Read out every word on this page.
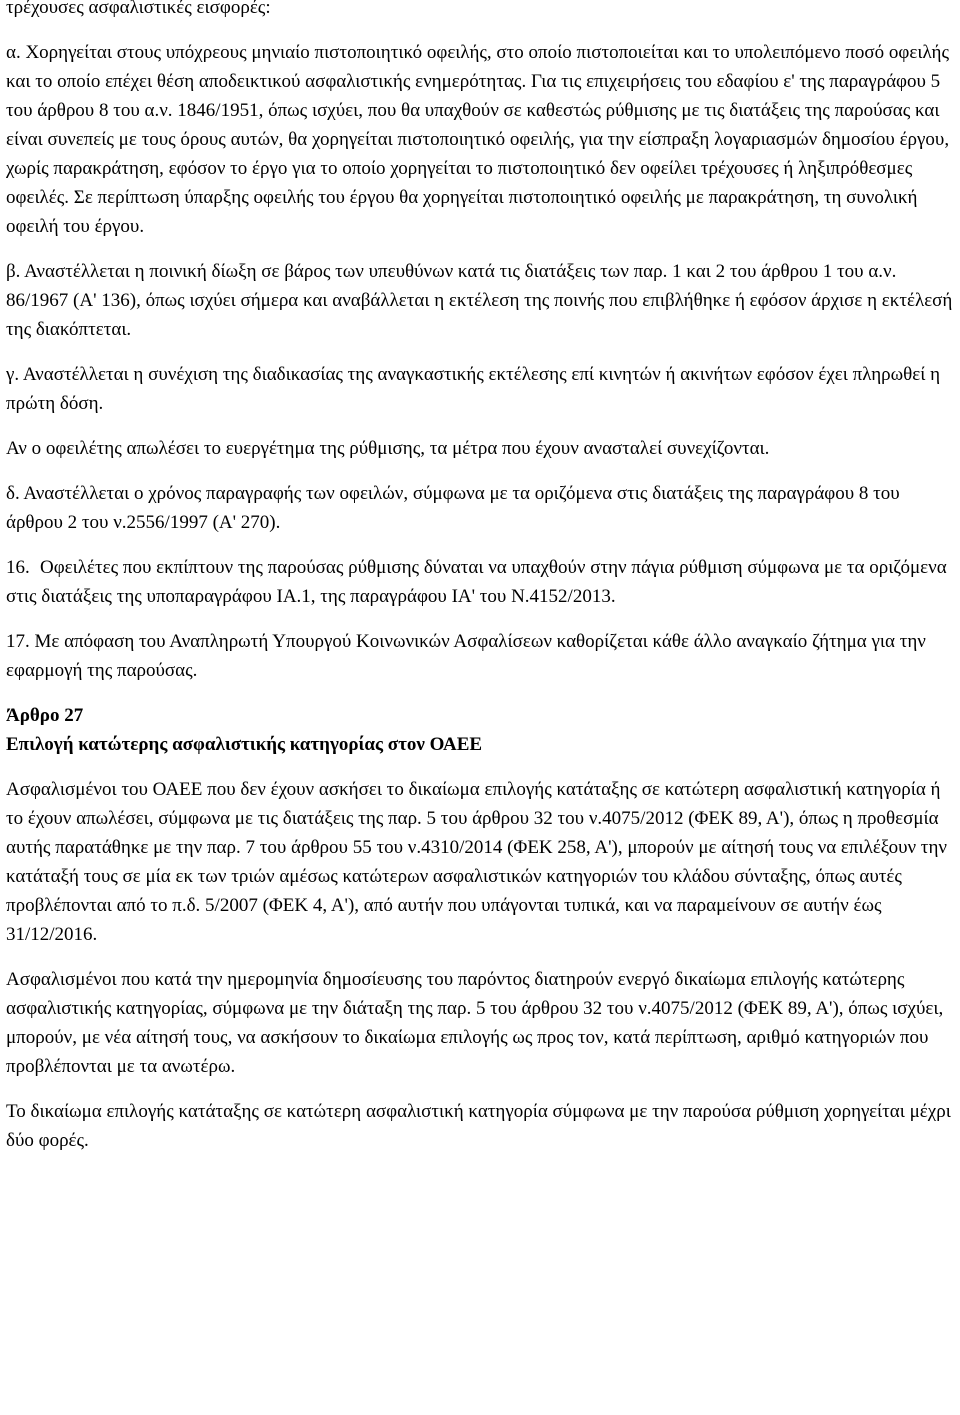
τρέχουσες ασφαλιστικές εισφορές:

α. Χορηγείται στους υπόχρεους μηνιαίο πιστοποιητικό οφειλής, στο οποίο πιστοποιείται και το υπολειπόμενο ποσό οφειλής και το οποίο επέχει θέση αποδεικτικού ασφαλιστικής ενημερότητας. Για τις επιχειρήσεις του εδαφίου ε' της παραγράφου 5 του άρθρου 8 του α.ν. 1846/1951, όπως ισχύει, που θα υπαχθούν σε καθεστώς ρύθμισης με τις διατάξεις της παρούσας και είναι συνεπείς με τους όρους αυτών, θα χορηγείται πιστοποιητικό οφειλής, για την είσπραξη λογαριασμών δημοσίου έργου, χωρίς παρακράτηση, εφόσον το έργο για το οποίο χορηγείται το πιστοποιητικό δεν οφείλει τρέχουσες ή ληξιπρόθεσμες οφειλές. Σε περίπτωση ύπαρξης οφειλής του έργου θα χορηγείται πιστοποιητικό οφειλής με παρακράτηση, τη συνολική οφειλή του έργου.

β. Αναστέλλεται η ποινική δίωξη σε βάρος των υπευθύνων κατά τις διατάξεις των παρ. 1 και 2 του άρθρου 1 του α.ν. 86/1967 (Α' 136), όπως ισχύει σήμερα και αναβάλλεται η εκτέλεση της ποινής που επιβλήθηκε ή εφόσον άρχισε η εκτέλεσή της διακόπτεται.

γ. Αναστέλλεται η συνέχιση της διαδικασίας της αναγκαστικής εκτέλεσης επί κινητών ή ακινήτων εφόσον έχει πληρωθεί η πρώτη δόση.

Αν ο οφειλέτης απωλέσει το ευεργέτημα της ρύθμισης, τα μέτρα που έχουν ανασταλεί συνεχίζονται.

δ. Αναστέλλεται ο χρόνος παραγραφής των οφειλών, σύμφωνα με τα οριζόμενα στις διατάξεις της παραγράφου 8 του άρθρου 2 του ν.2556/1997 (Α' 270).

16. Οφειλέτες που εκπίπτουν της παρούσας ρύθμισης δύναται να υπαχθούν στην πάγια ρύθμιση σύμφωνα με τα οριζόμενα στις διατάξεις της υποπαραγράφου ΙΑ.1, της παραγράφου ΙΑ' του Ν.4152/2013.

17. Με απόφαση του Αναπληρωτή Υπουργού Κοινωνικών Ασφαλίσεων καθορίζεται κάθε άλλο αναγκαίο ζήτημα για την εφαρμογή της παρούσας.

Άρθρο 27

Επιλογή κατώτερης ασφαλιστικής κατηγορίας στον ΟΑΕΕ

Ασφαλισμένοι του ΟΑΕΕ που δεν έχουν ασκήσει το δικαίωμα επιλογής κατάταξης σε κατώτερη ασφαλιστική κατηγορία ή το έχουν απωλέσει, σύμφωνα με τις διατάξεις της παρ. 5 του άρθρου 32 του ν.4075/2012 (ΦΕΚ 89, Α'), όπως η προθεσμία αυτής παρατάθηκε με την παρ. 7 του άρθρου 55 του ν.4310/2014 (ΦΕΚ 258, Α'), μπορούν με αίτησή τους να επιλέξουν την κατάταξή τους σε μία εκ των τριών αμέσως κατώτερων ασφαλιστικών κατηγοριών του κλάδου σύνταξης, όπως αυτές προβλέπονται από το π.δ. 5/2007 (ΦΕΚ 4, Α'), από αυτήν που υπάγονται τυπικά, και να παραμείνουν σε αυτήν έως 31/12/2016.

Ασφαλισμένοι που κατά την ημερομηνία δημοσίευσης του παρόντος διατηρούν ενεργό δικαίωμα επιλογής κατώτερης ασφαλιστικής κατηγορίας, σύμφωνα με την διάταξη της παρ. 5 του άρθρου 32 του ν.4075/2012 (ΦΕΚ 89, Α'), όπως ισχύει, μπορούν, με νέα αίτησή τους, να ασκήσουν το δικαίωμα επιλογής ως προς τον, κατά περίπτωση, αριθμό κατηγοριών που προβλέπονται με τα ανωτέρω.

Το δικαίωμα επιλογής κατάταξης σε κατώτερη ασφαλιστική κατηγορία σύμφωνα με την παρούσα ρύθμιση χορηγείται μέχρι δύο φορές.
